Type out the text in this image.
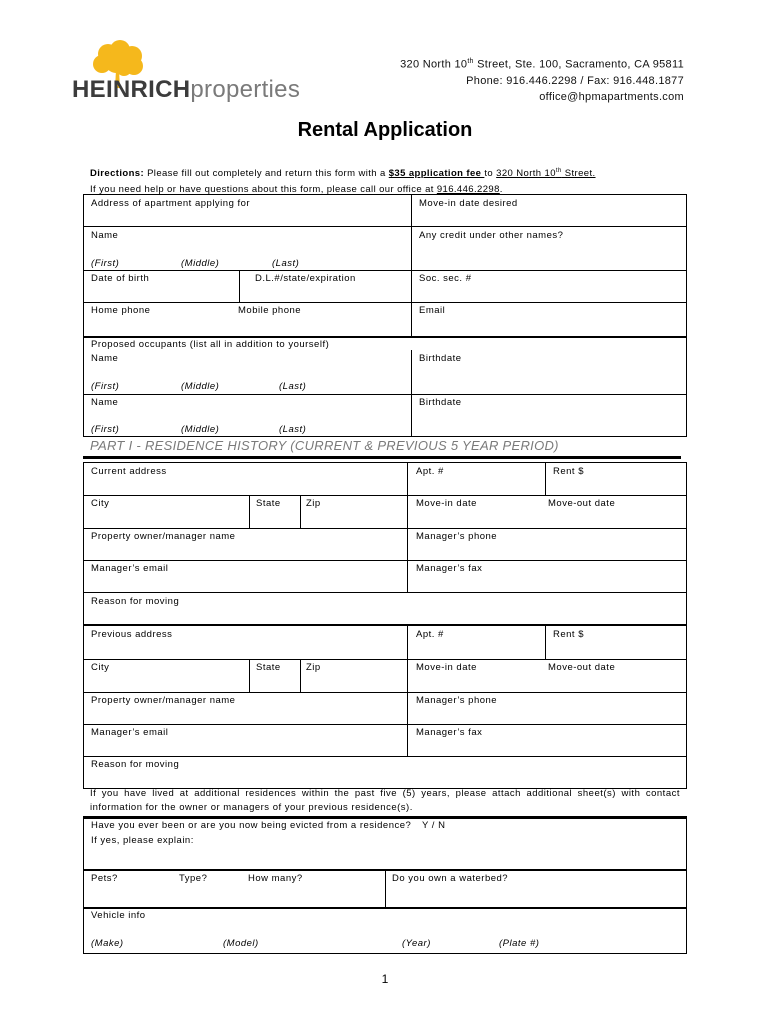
HEINRICHproperties
320 North 10th Street, Ste. 100, Sacramento, CA 95811
Phone: 916.446.2298 / Fax: 916.448.1877
office@hpmapartments.com
Rental Application
Directions: Please fill out completely and return this form with a $35 application fee to 320 North 10th Street.
If you need help or have questions about this form, please call our office at 916.446.2298.
Address of apartment applying for	Move-in date desired
Name	Any credit under other names?
(First)	(Middle)	(Last)
Date of birth	D.L.#/state/expiration	Soc. sec. #
Home phone	Mobile phone	Email
Proposed occupants (list all in addition to yourself)
Name	Birthdate
(First)	(Middle)	(Last)
Name	Birthdate
(First)	(Middle)	(Last)
PART I - RESIDENCE HISTORY (CURRENT & PREVIOUS 5 YEAR PERIOD)
Current address	Apt. #	Rent $
City	State	Zip	Move-in date	Move-out date
Property owner/manager name	Manager’s phone
Manager’s email	Manager’s fax
Reason for moving
Previous address	Apt. #	Rent $
City	State	Zip	Move-in date	Move-out date
Property owner/manager name	Manager’s phone
Manager’s email	Manager’s fax
Reason for moving
If you have lived at additional residences within the past five (5) years, please attach additional sheet(s) with contact information for the owner or managers of your previous residence(s).
Have you ever been or are you now being evicted from a residence? Y / N
If yes, please explain:
Pets?	Type?	How many?	Do you own a waterbed?
Vehicle info
(Make)	(Model)	(Year)	(Plate #)
1
